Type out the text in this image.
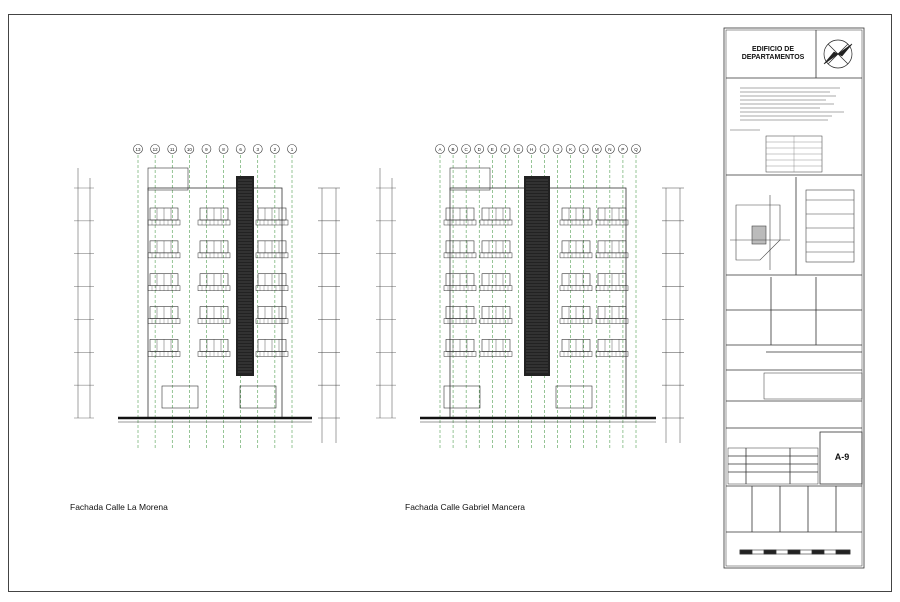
13	12	11	10	9	8	6	3	2	1	A B C D E F G H I	J K L M N P Q
Fachada Calle La Morena	Fachada Calle Gabriel Mancera
EDIFICIO DE DEPARTAMENTOS
A-9
